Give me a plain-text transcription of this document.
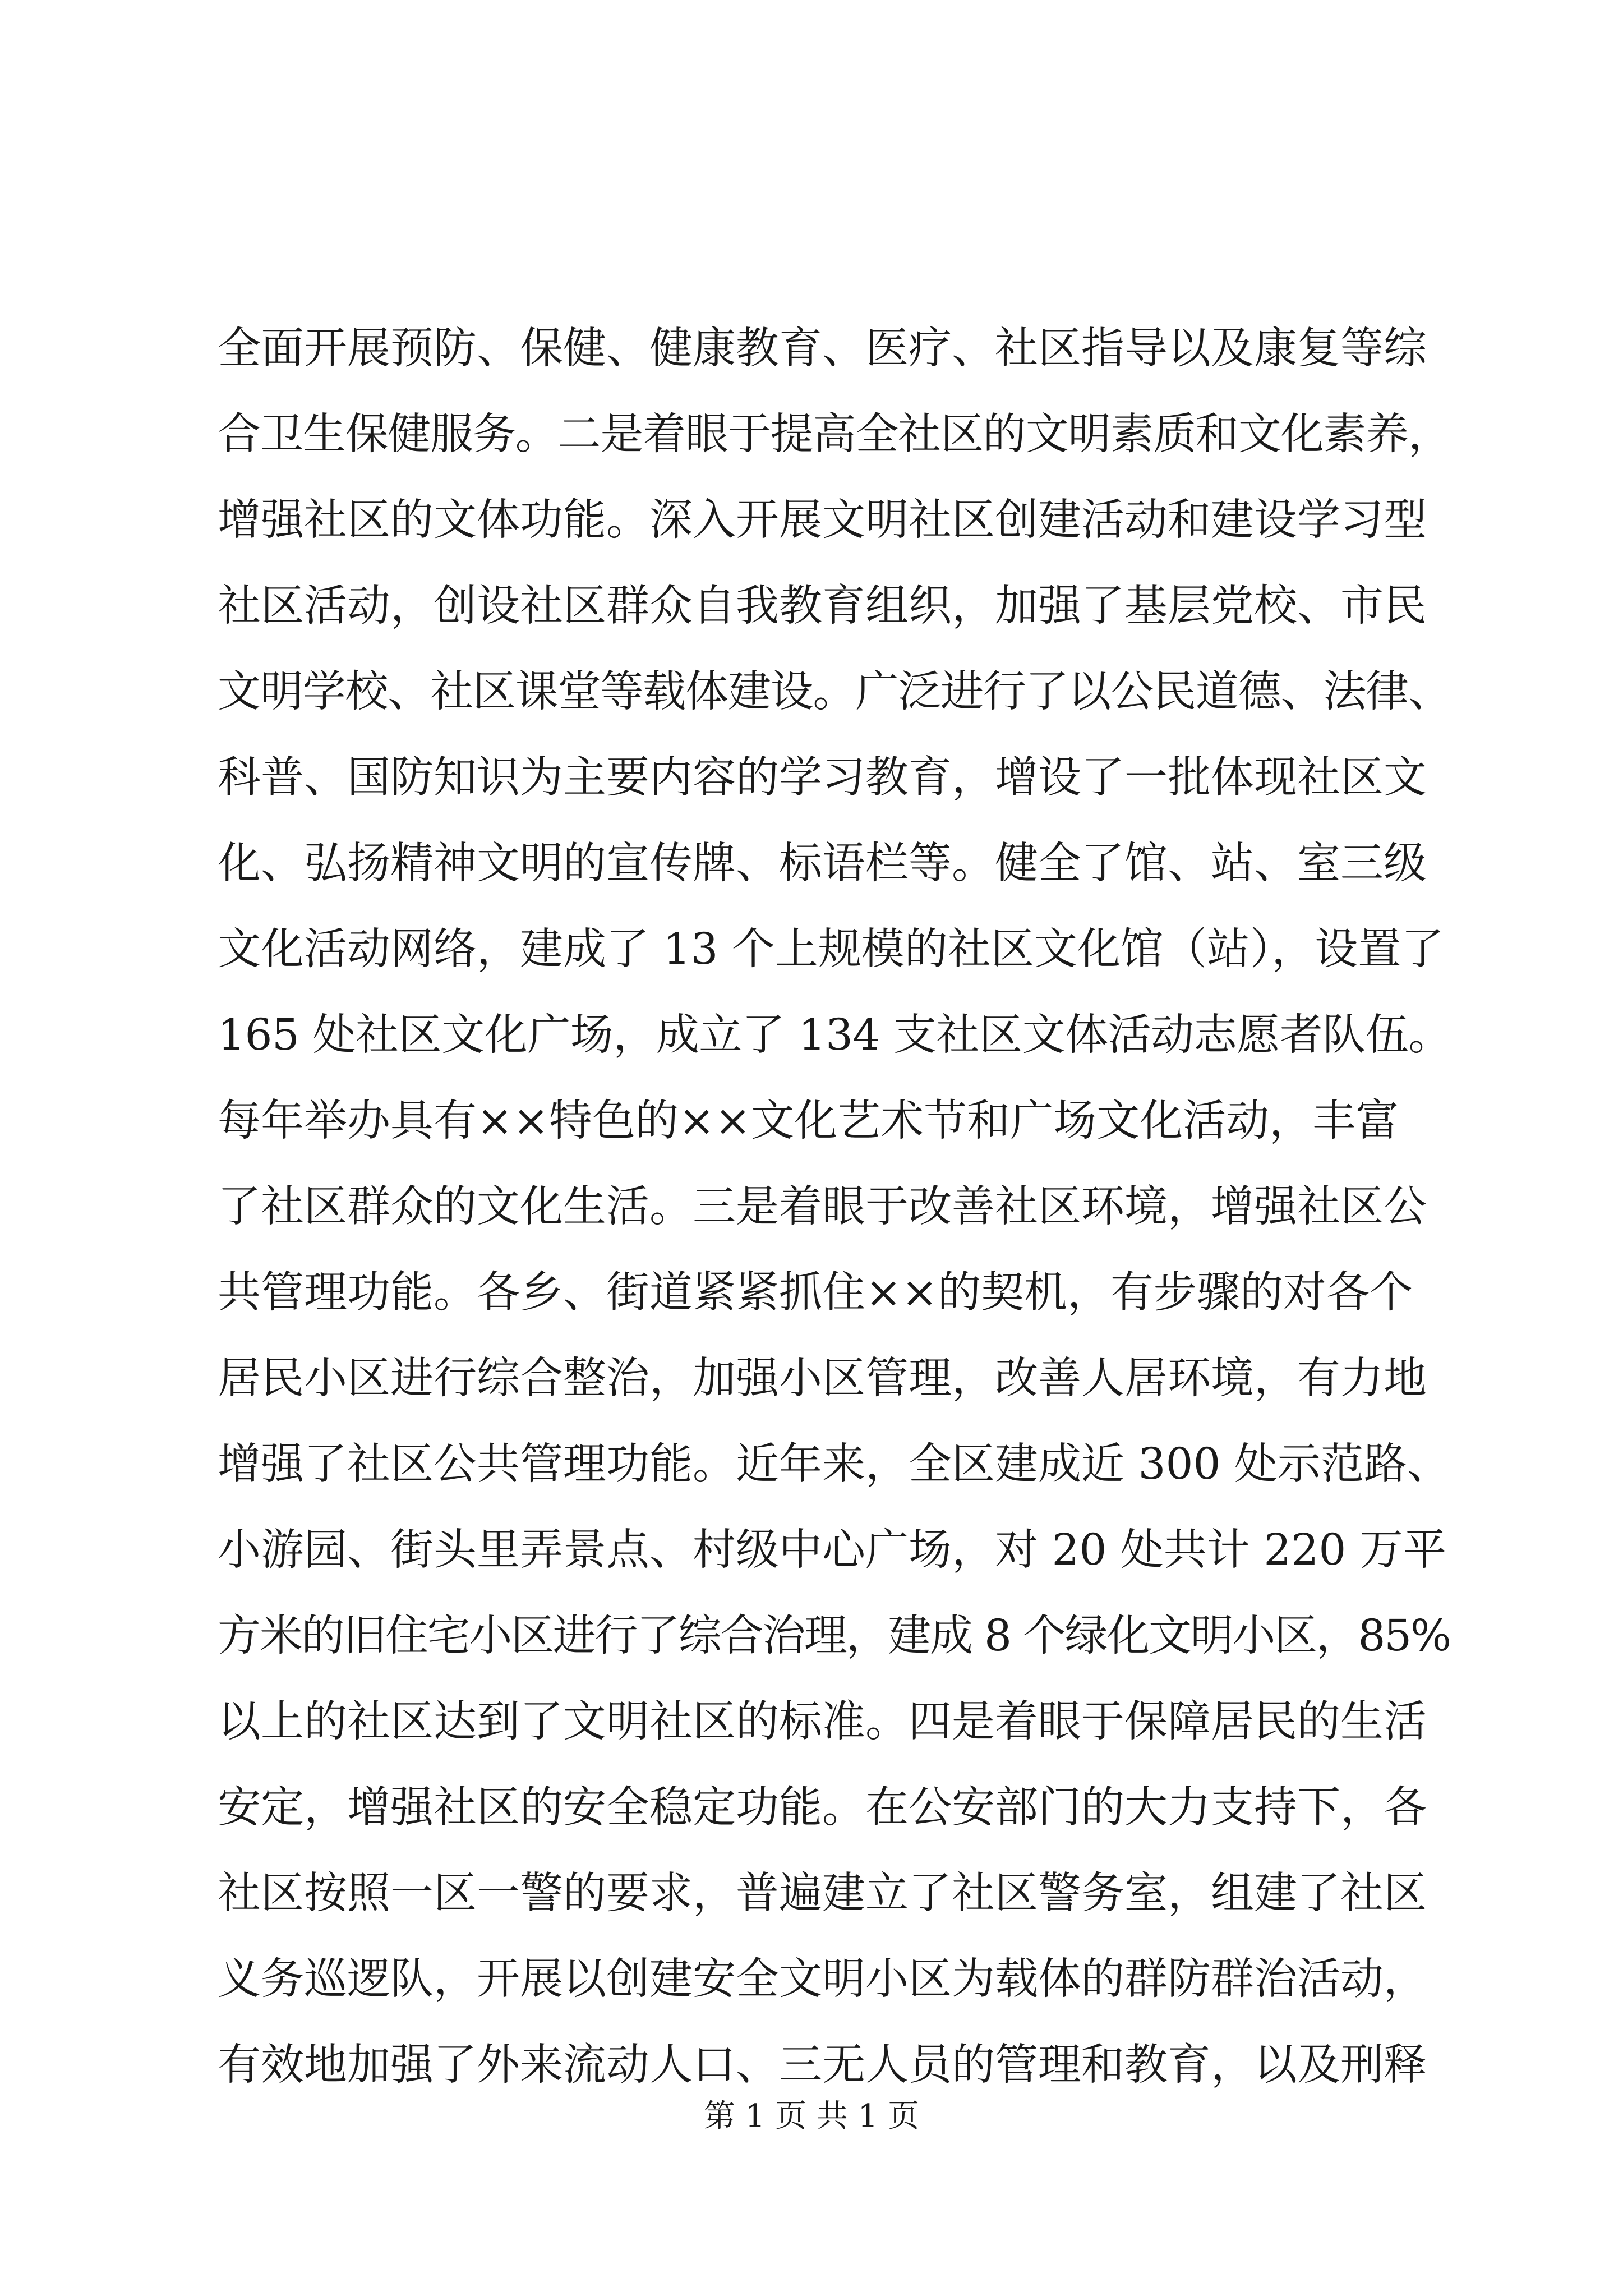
全面开展预防、保健、健康教育、医疗、社区指导以及康复等综
合卫生保健服务。二是着眼于提高全社区的文明素质和文化素养，
增强社区的文体功能。深入开展文明社区创建活动和建设学习型
社区活动，创设社区群众自我教育组织，加强了基层党校、市民
文明学校、社区课堂等载体建设。广泛进行了以公民道德、法律、
科普、国防知识为主要内容的学习教育，增设了一批体现社区文
化、弘扬精神文明的宣传牌、标语栏等。健全了馆、站、室三级
文化活动网络，建成了 13 个上规模的社区文化馆（站），设置了
165 处社区文化广场，成立了 134 支社区文体活动志愿者队伍。
每年举办具有××特色的××文化艺术节和广场文化活动，丰富
了社区群众的文化生活。三是着眼于改善社区环境，增强社区公
共管理功能。各乡、街道紧紧抓住××的契机，有步骤的对各个
居民小区进行综合整治，加强小区管理，改善人居环境，有力地
增强了社区公共管理功能。近年来，全区建成近 300 处示范路、
小游园、街头里弄景点、村级中心广场，对 20 处共计 220 万平
方米的旧住宅小区进行了综合治理，建成 8 个绿化文明小区，85%
以上的社区达到了文明社区的标准。四是着眼于保障居民的生活
安定，增强社区的安全稳定功能。在公安部门的大力支持下，各
社区按照一区一警的要求，普遍建立了社区警务室，组建了社区
义务巡逻队，开展以创建安全文明小区为载体的群防群治活动，
有效地加强了外来流动人口、三无人员的管理和教育，以及刑释
第 1 页 共 1 页
